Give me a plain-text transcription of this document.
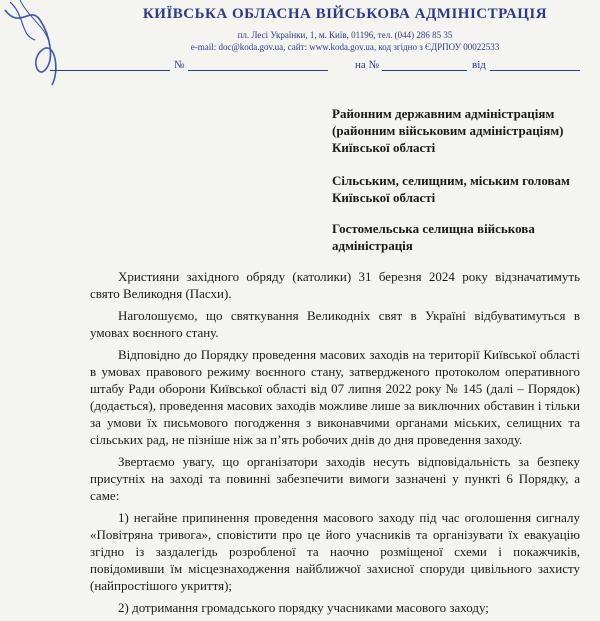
КИЇВСЬКА ОБЛАСНА ВІЙСЬКОВА АДМІНІСТРАЦІЯ
пл. Лесі Українки, 1, м. Київ, 01196, тел. (044) 286 85 35
e-mail: doc@koda.gov.ua, сайт: www.koda.gov.ua, код згідно з ЄДРПОУ 00022533
№	на №	від
Районним державним адміністраціям (районним військовим адміністраціям) Київської області
Сільським, селищним, міським головам Київської області
Гостомельська селищна військова адміністрація

Християни західного обряду (католики) 31 березня 2024 року відзначатимуть свято Великодня (Пасхи).

Наголошуємо, що святкування Великодніх свят в Україні відбуватимуться в умовах воєнного стану.

Відповідно до Порядку проведення масових заходів на території Київської області в умовах правового режиму воєнного стану, затвердженого протоколом оперативного штабу Ради оборони Київської області від 07 липня 2022 року № 145 (далі – Порядок) (додається), проведення масових заходів можливе лише за виключних обставин і тільки за умови їх письмового погодження з виконавчими органами міських, селищних та сільських рад, не пізніше ніж за п’ять робочих днів до дня проведення заходу.

Звертаємо увагу, що організатори заходів несуть відповідальність за безпеку присутніх на заході та повинні забезпечити вимоги зазначені у пункті 6 Порядку, а саме:

1) негайне припинення проведення масового заходу під час оголошення сигналу «Повітряна тривога», сповістити про це його учасників та організувати їх евакуацію згідно із заздалегідь розробленої та наочно розміщеної схеми і покажчиків, повідомивши їм місцезнаходження найближчої захисної споруди цивільного захисту (найпростішого укриття);

2) дотримання громадського порядку учасниками масового заходу;
